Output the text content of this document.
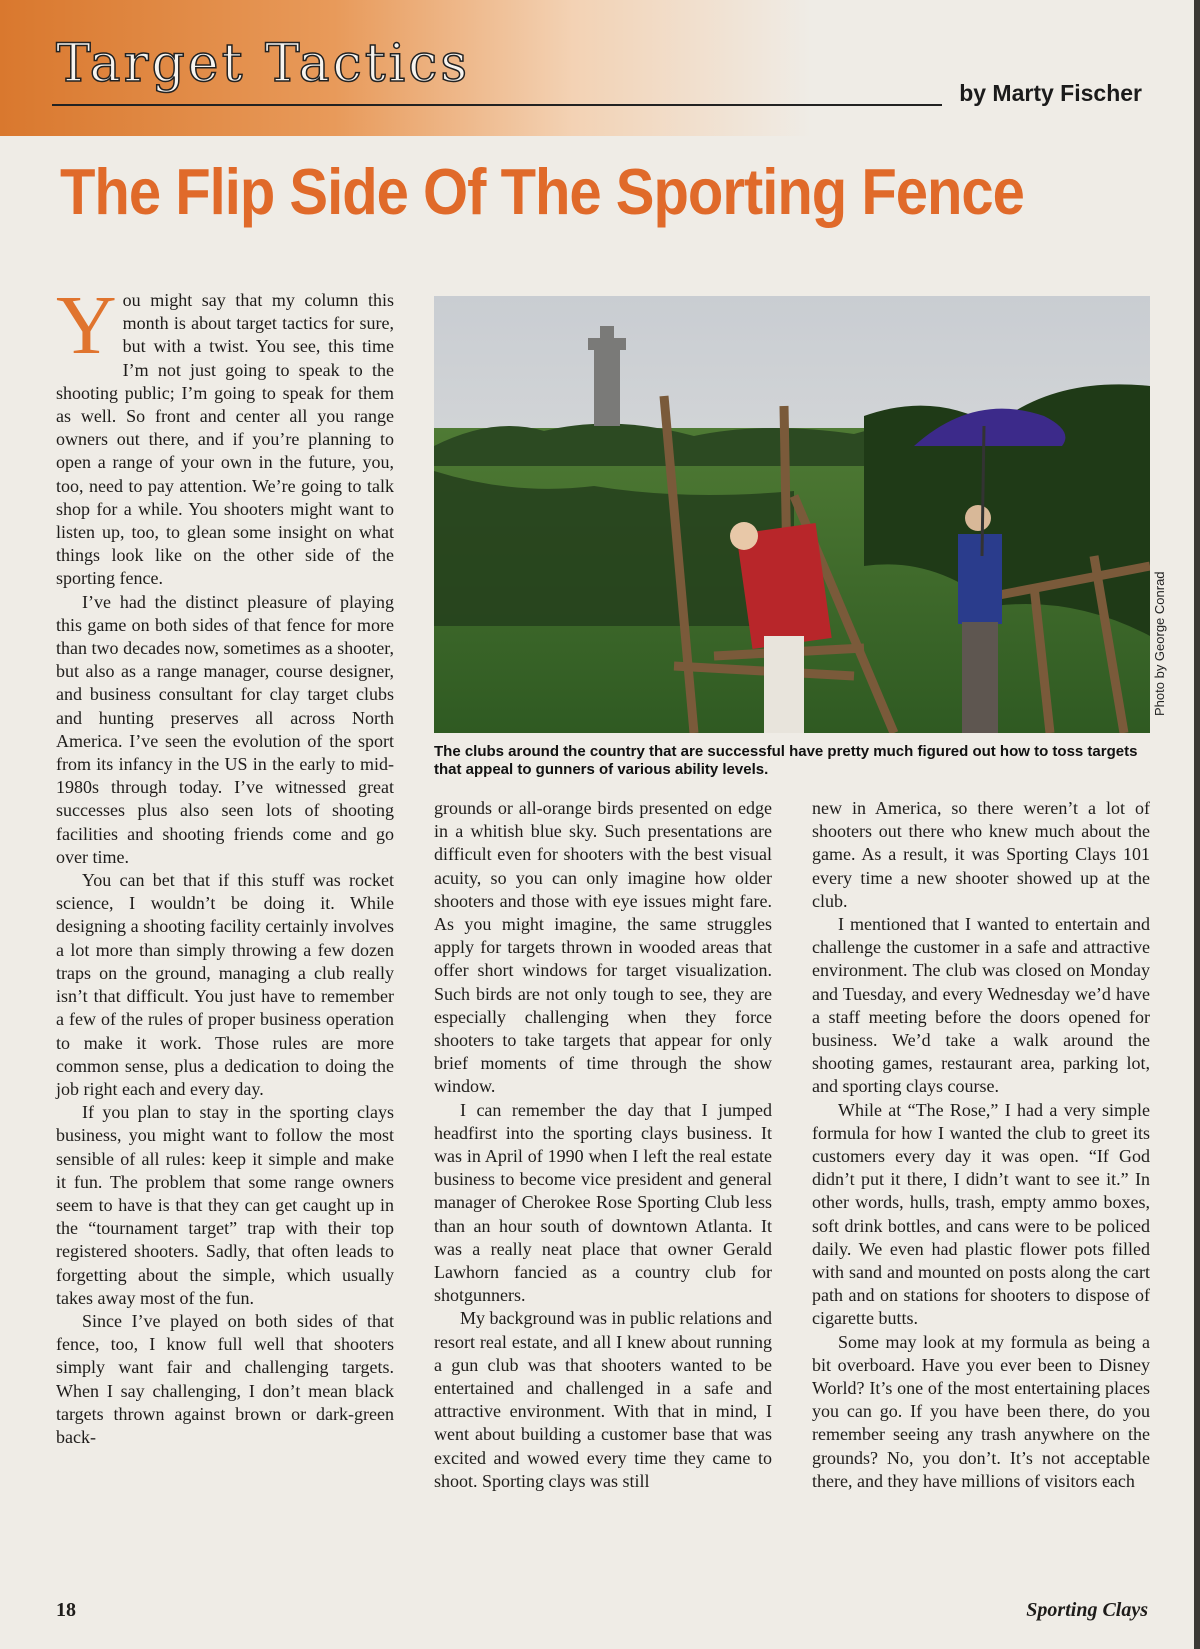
Target Tactics	by Marty Fischer
The Flip Side Of The Sporting Fence

You might say that my column this month is about target tactics for sure, but with a twist. You see, this time I’m not just going to speak to the shooting public; I’m going to speak for them as well. So front and center all you range owners out there, and if you’re planning to open a range of your own in the future, you, too, need to pay attention. We’re going to talk shop for a while. You shooters might want to listen up, too, to glean some insight on what things look like on the other side of the sporting fence.

I’ve had the distinct pleasure of playing this game on both sides of that fence for more than two decades now, sometimes as a shooter, but also as a range manager, course designer, and business consultant for clay target clubs and hunting preserves all across North America. I’ve seen the evolution of the sport from its infancy in the US in the early to mid-1980s through today. I’ve witnessed great successes plus also seen lots of shooting facilities and shooting friends come and go over time.

You can bet that if this stuff was rocket science, I wouldn’t be doing it. While designing a shooting facility certainly involves a lot more than simply throwing a few dozen traps on the ground, managing a club really isn’t that difficult. You just have to remember a few of the rules of proper business operation to make it work. Those rules are more common sense, plus a dedication to doing the job right each and every day.

If you plan to stay in the sporting clays business, you might want to follow the most sensible of all rules: keep it simple and make it fun. The problem that some range owners seem to have is that they can get caught up in the “tournament target” trap with their top registered shooters. Sadly, that often leads to forgetting about the simple, which usually takes away most of the fun.

Since I’ve played on both sides of that fence, too, I know full well that shooters simply want fair and challenging targets. When I say challenging, I don’t mean black targets thrown against brown or dark-green back-

Photo by George Conrad
The clubs around the country that are successful have pretty much figured out how to toss targets that appeal to gunners of various ability levels.

grounds or all-orange birds presented on edge in a whitish blue sky. Such presentations are difficult even for shooters with the best visual acuity, so you can only imagine how older shooters and those with eye issues might fare. As you might imagine, the same struggles apply for targets thrown in wooded areas that offer short windows for target visualization. Such birds are not only tough to see, they are especially challenging when they force shooters to take targets that appear for only brief moments of time through the show window.

I can remember the day that I jumped headfirst into the sporting clays business. It was in April of 1990 when I left the real estate business to become vice president and general manager of Cherokee Rose Sporting Club less than an hour south of downtown Atlanta. It was a really neat place that owner Gerald Lawhorn fancied as a country club for shotgunners.

My background was in public relations and resort real estate, and all I knew about running a gun club was that shooters wanted to be entertained and challenged in a safe and attractive environment. With that in mind, I went about building a customer base that was excited and wowed every time they came to shoot. Sporting clays was still

new in America, so there weren’t a lot of shooters out there who knew much about the game. As a result, it was Sporting Clays 101 every time a new shooter showed up at the club.

I mentioned that I wanted to entertain and challenge the customer in a safe and attractive environment. The club was closed on Monday and Tuesday, and every Wednesday we’d have a staff meeting before the doors opened for business. We’d take a walk around the shooting games, restaurant area, parking lot, and sporting clays course.

While at “The Rose,” I had a very simple formula for how I wanted the club to greet its customers every day it was open. “If God didn’t put it there, I didn’t want to see it.” In other words, hulls, trash, empty ammo boxes, soft drink bottles, and cans were to be policed daily. We even had plastic flower pots filled with sand and mounted on posts along the cart path and on stations for shooters to dispose of cigarette butts.

Some may look at my formula as being a bit overboard. Have you ever been to Disney World? It’s one of the most entertaining places you can go. If you have been there, do you remember seeing any trash anywhere on the grounds? No, you don’t. It’s not acceptable there, and they have millions of visitors each

18	Sporting Clays
